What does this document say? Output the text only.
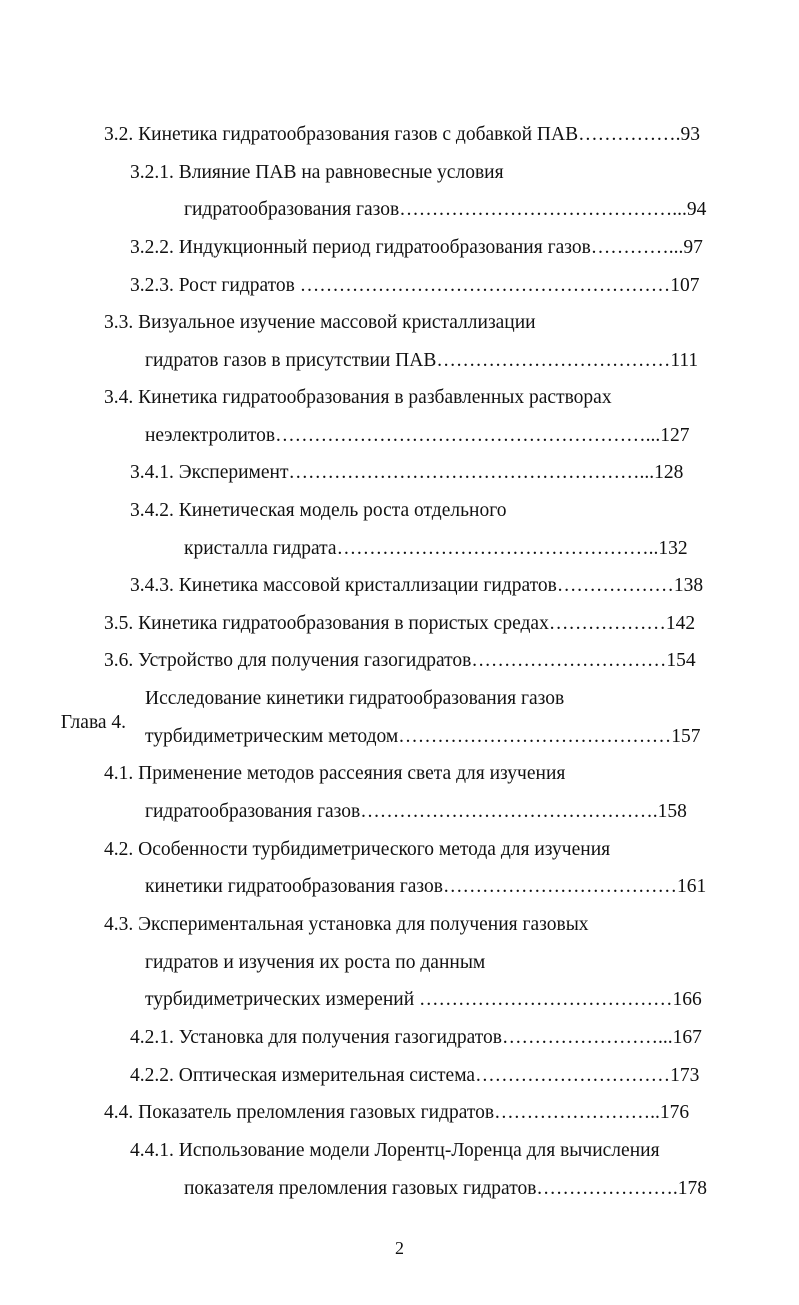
3.2. Кинетика гидратообразования газов с добавкой ПАВ…………….93
3.2.1. Влияние ПАВ на равновесные условия
гидратообразования газов……………………………………...94
3.2.2. Индукционный период гидратообразования газов…………...97
3.2.3. Рост гидратов …………………………………………………107
3.3. Визуальное изучение массовой кристаллизации
гидратов газов в присутствии ПАВ………………………………111
3.4. Кинетика гидратообразования в разбавленных растворах
неэлектролитов…………………………………………………...127
3.4.1. Эксперимент………………………………………………...128
3.4.2. Кинетическая модель роста отдельного
кристалла гидрата…………………………………………..132
3.4.3. Кинетика массовой кристаллизации гидратов………………138
3.5. Кинетика гидратообразования в пористых средах………………142
3.6. Устройство для получения газогидратов…………………………154

Глава 4.

Исследование кинетики гидратообразования газов
турбидиметрическим методом……………………………………157
4.1. Применение методов рассеяния света для изучения
гидратообразования газов……………………………………….158
4.2. Особенности турбидиметрического метода для изучения
кинетики гидратообразования газов………………………………161
4.3. Экспериментальная установка для получения газовых
гидратов и изучения их роста по данным
турбидиметрических измерений …………………………………166
4.2.1. Установка для получения газогидратов……………………...167
4.2.2. Оптическая измерительная система…………………………173
4.4. Показатель преломления газовых гидратов……………………..176
4.4.1. Использование модели Лорентц-Лоренца для вычисления
показателя преломления газовых гидратов………………….178
2
